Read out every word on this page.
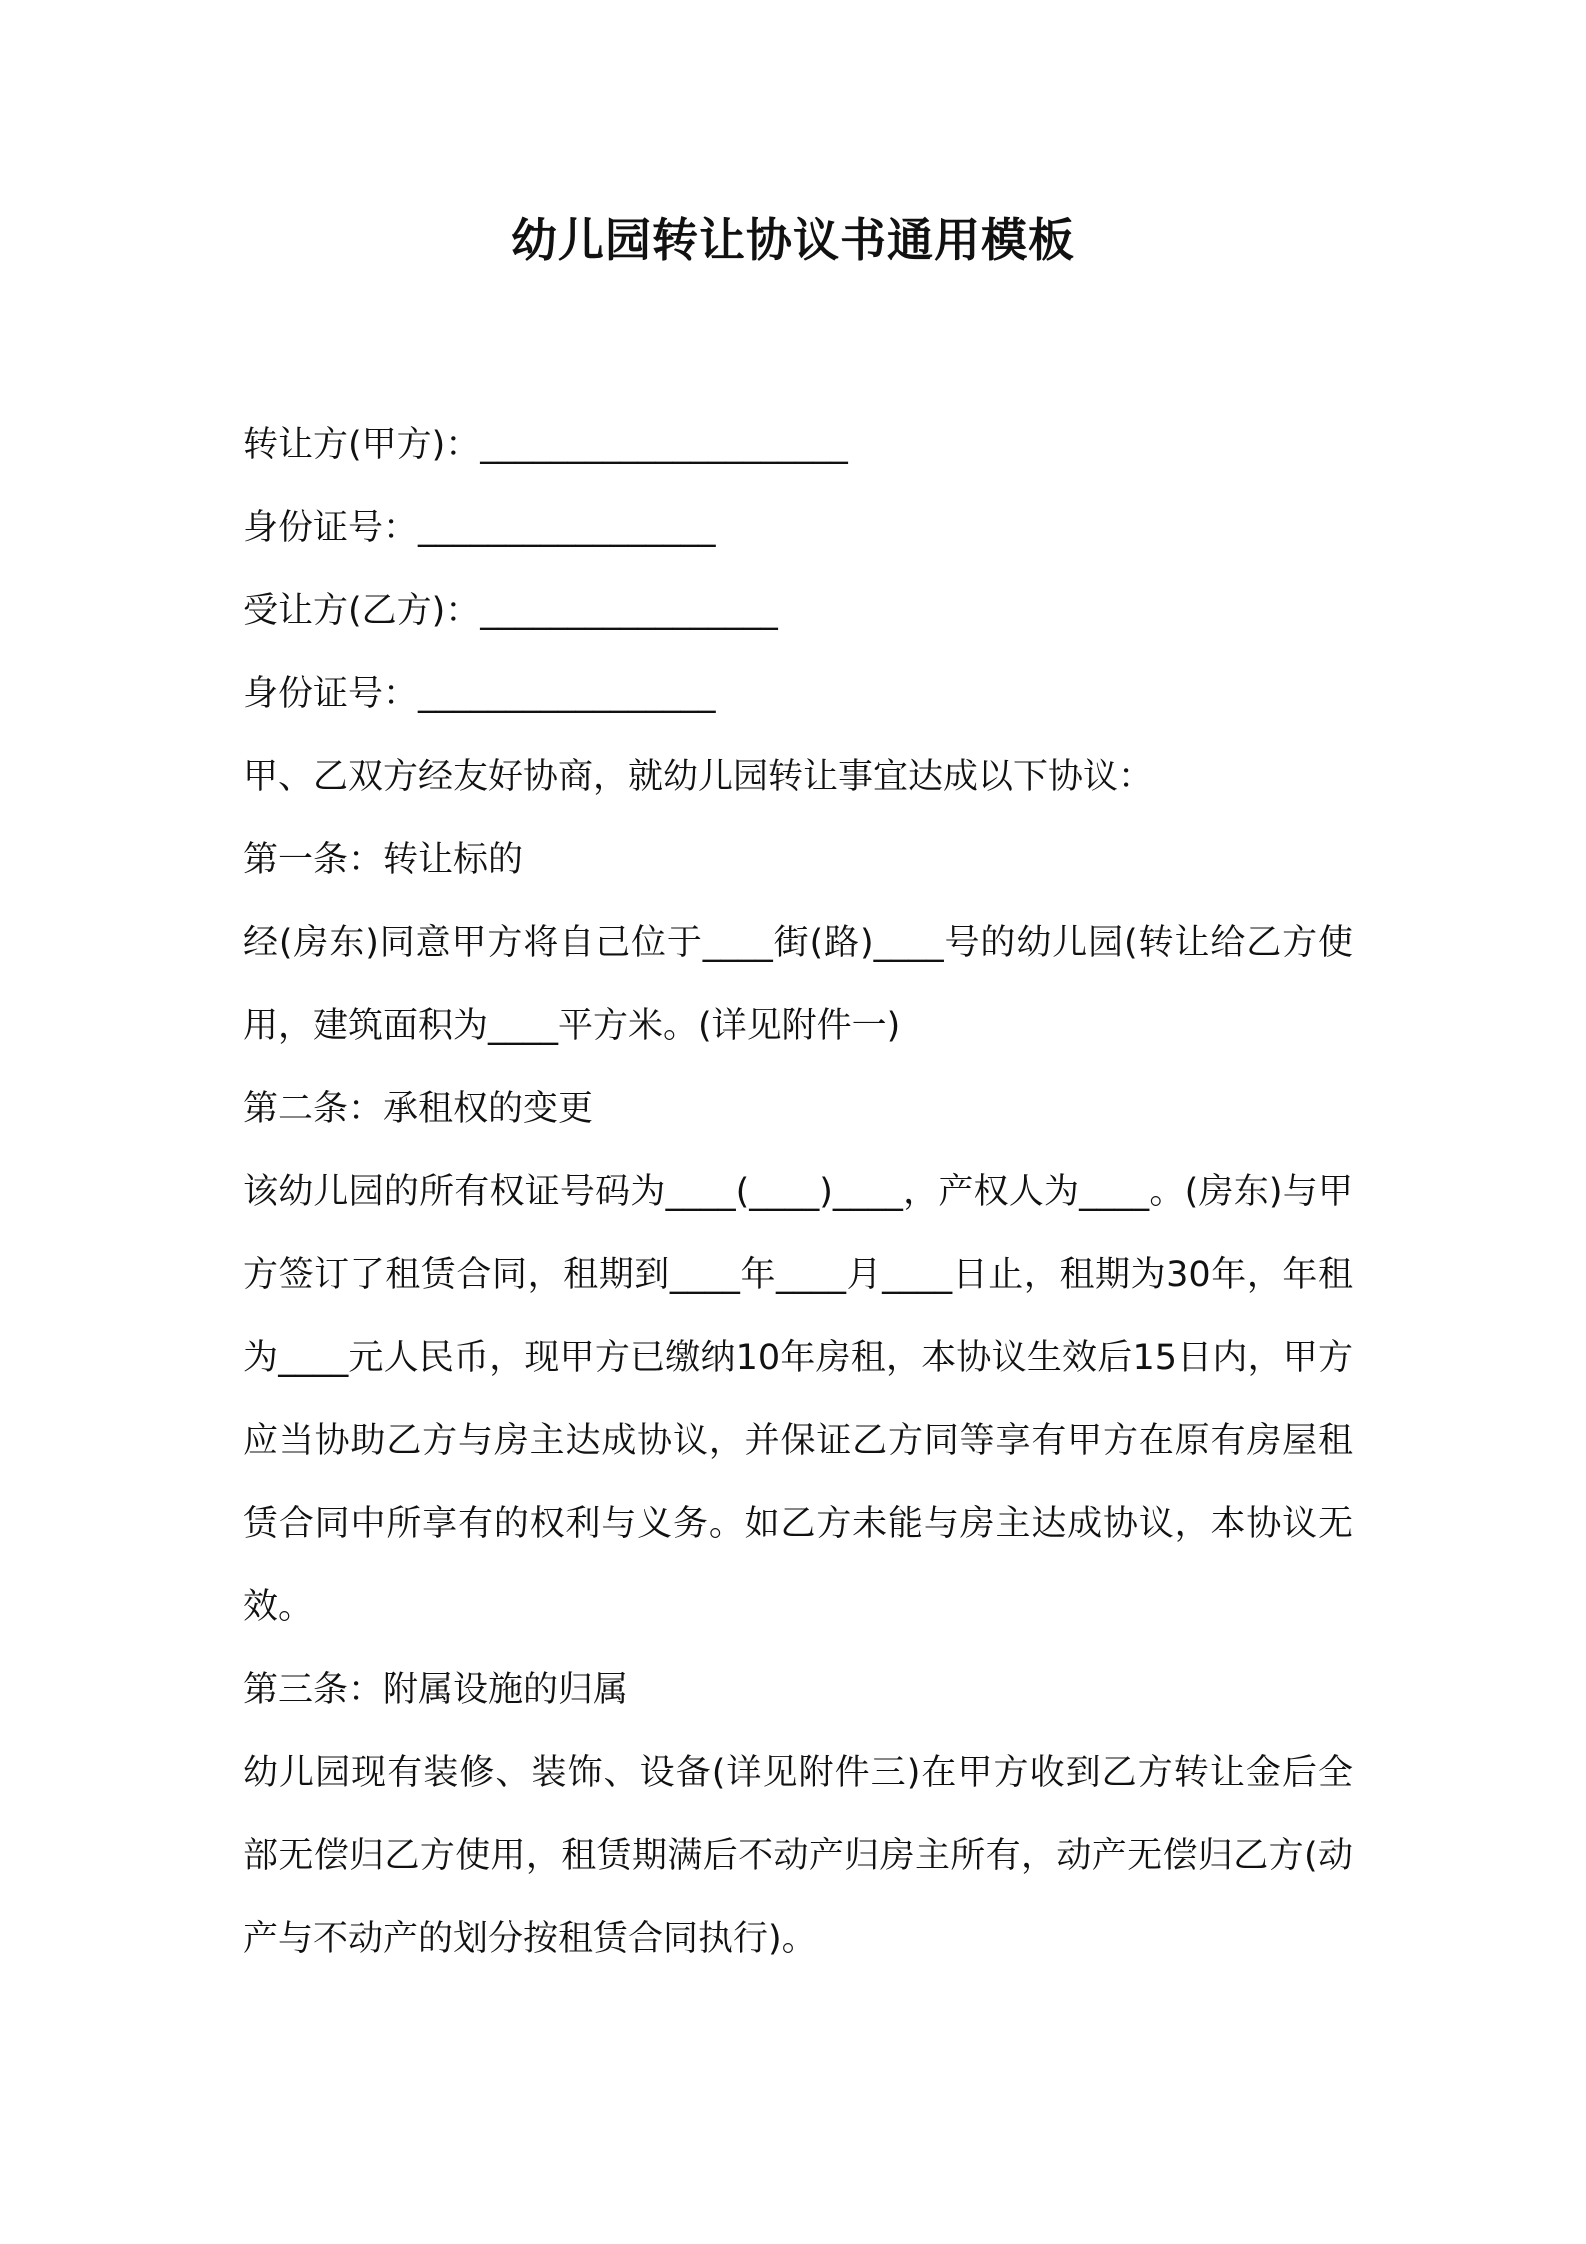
幼儿园转让协议书通用模板
转让方(甲方)：_____________________
身份证号：_________________
受让方(乙方)：_________________
身份证号：_________________
甲、乙双方经友好协商，就幼儿园转让事宜达成以下协议：
第一条：转让标的

经(房东)同意甲方将自己位于____街(路)____号的幼儿园(转让给乙方使用，建筑面积为____平方米。(详见附件一)

第二条：承租权的变更

该幼儿园的所有权证号码为____(____)____，产权人为____。(房东)与甲方签订了租赁合同，租期到____年____月____日止，租期为30年，年租为____元人民币，现甲方已缴纳10年房租，本协议生效后15日内，甲方应当协助乙方与房主达成协议，并保证乙方同等享有甲方在原有房屋租赁合同中所享有的权利与义务。如乙方未能与房主达成协议，本协议无效。

第三条：附属设施的归属

幼儿园现有装修、装饰、设备(详见附件三)在甲方收到乙方转让金后全部无偿归乙方使用，租赁期满后不动产归房主所有，动产无偿归乙方(动产与不动产的划分按租赁合同执行)。
